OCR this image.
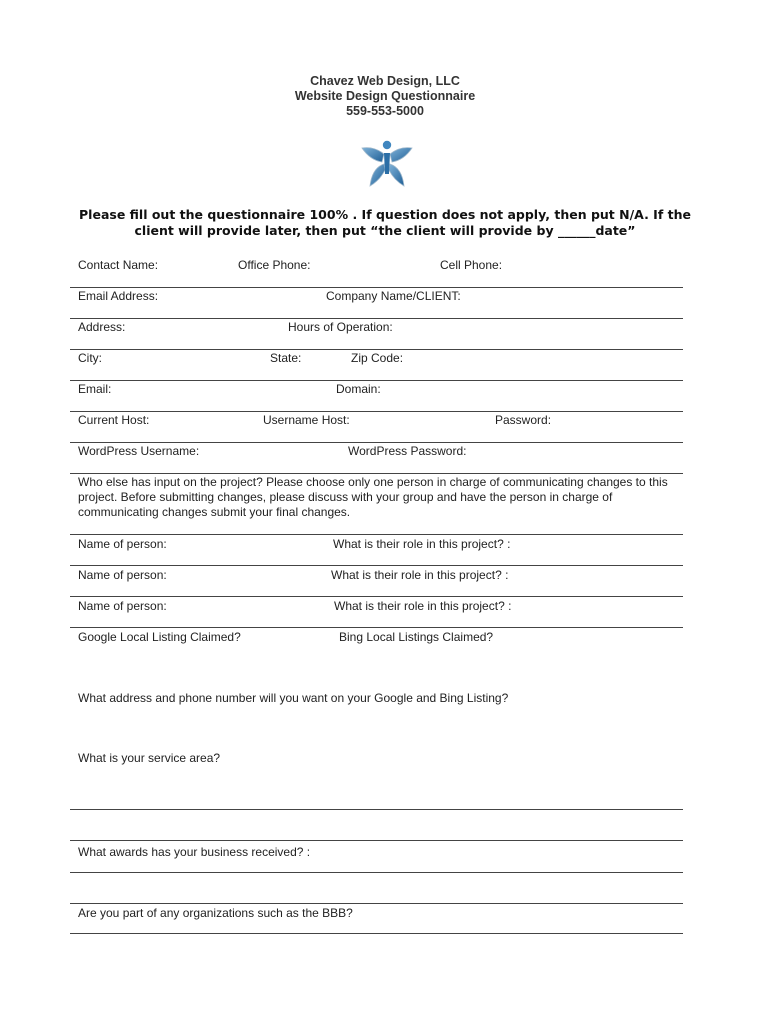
Chavez Web Design, LLC
Website Design Questionnaire
559-553-5000
Please fill out the questionnaire 100% . If question does not apply, then put N/A. If the
client will provide later, then put “the client will provide by ______date”
Contact Name:	Office Phone:	Cell Phone:
Email Address:	Company Name/CLIENT:
Address:	Hours of Operation:
City:	State:	Zip Code:
Email:	Domain:
Current Host:	Username Host:	Password:
WordPress Username:	WordPress Password:
Who else has input on the project? Please choose only one person in charge of communicating changes to this project. Before submitting changes, please discuss with your group and have the person in charge of communicating changes submit your final changes.
Name of person:	What is their role in this project? :
Name of person:	What is their role in this project? :
Name of person:	What is their role in this project? :
Google Local Listing Claimed?	Bing Local Listings Claimed?
What address and phone number will you want on your Google and Bing Listing?
What is your service area?
What awards has your business received? :
Are you part of any organizations such as the BBB?
